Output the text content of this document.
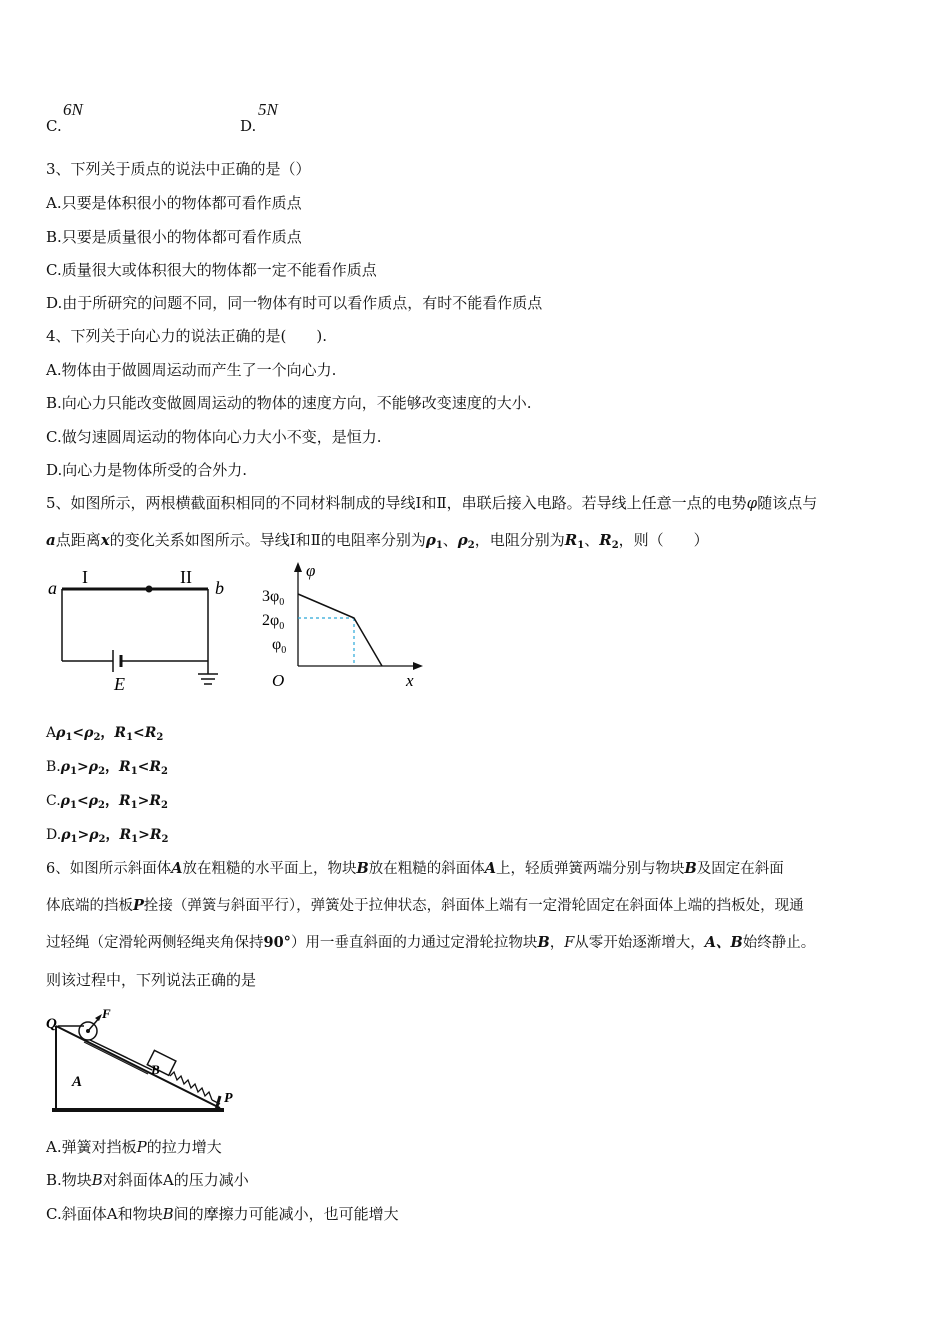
C.
6N
D.
5N
3、下列关于质点的说法中正确的是（）
A.只要是体积很小的物体都可看作质点
B.只要是质量很小的物体都可看作质点
C.质量很大或体积很大的物体都一定不能看作质点
D.由于所研究的问题不同，同一物体有时可以看作质点，有时不能看作质点
4、下列关于向心力的说法正确的是(　　).
A.物体由于做圆周运动而产生了一个向心力.
B.向心力只能改变做圆周运动的物体的速度方向，不能够改变速度的大小.
C.做匀速圆周运动的物体向心力大小不变，是恒力.
D.向心力是物体所受的合外力.
5、如图所示，两根横截面积相同的不同材料制成的导线Ⅰ和Ⅱ，串联后接入电路。若导线上任意一点的电势φ随该点与
a点距离x的变化关系如图所示。导线Ⅰ和Ⅱ的电阻率分别为$\rho_1$、$\rho_2$，电阻分别为$R_1$、$R_2$，则（　　）
a
I	II
b
E
φ
x
O
$3\varphi_0$
$2\varphi_0$
$\varphi_0$
$A\rho_1<\rho_2$，$R_1<R_2$
$B.\rho_1>\rho_2$，$R_1<R_2$
$C.\rho_1<\rho_2$，$R_1>R_2$
$D.\rho_1>\rho_2$，$R_1>R_2$
6、如图所示斜面体A放在粗糙的水平面上，物块B放在粗糙的斜面体A上，轻质弹簧两端分别与物块B及固定在斜面
体底端的挡板P拴接（弹簧与斜面平行），弹簧处于拉伸状态，斜面体上端有一定滑轮固定在斜面体上端的挡板处，现通
过轻绳（定滑轮两侧轻绳夹角保持90°）用一垂直斜面的力通过定滑轮拉物块B，F从零开始逐渐增大，A、B始终静止。
则该过程中，下列说法正确的是
Q
F
B
P
A
A.弹簧对挡板P的拉力增大
B.物块B对斜面体A的压力减小
C.斜面体A和物块B间的摩擦力可能减小，也可能增大
